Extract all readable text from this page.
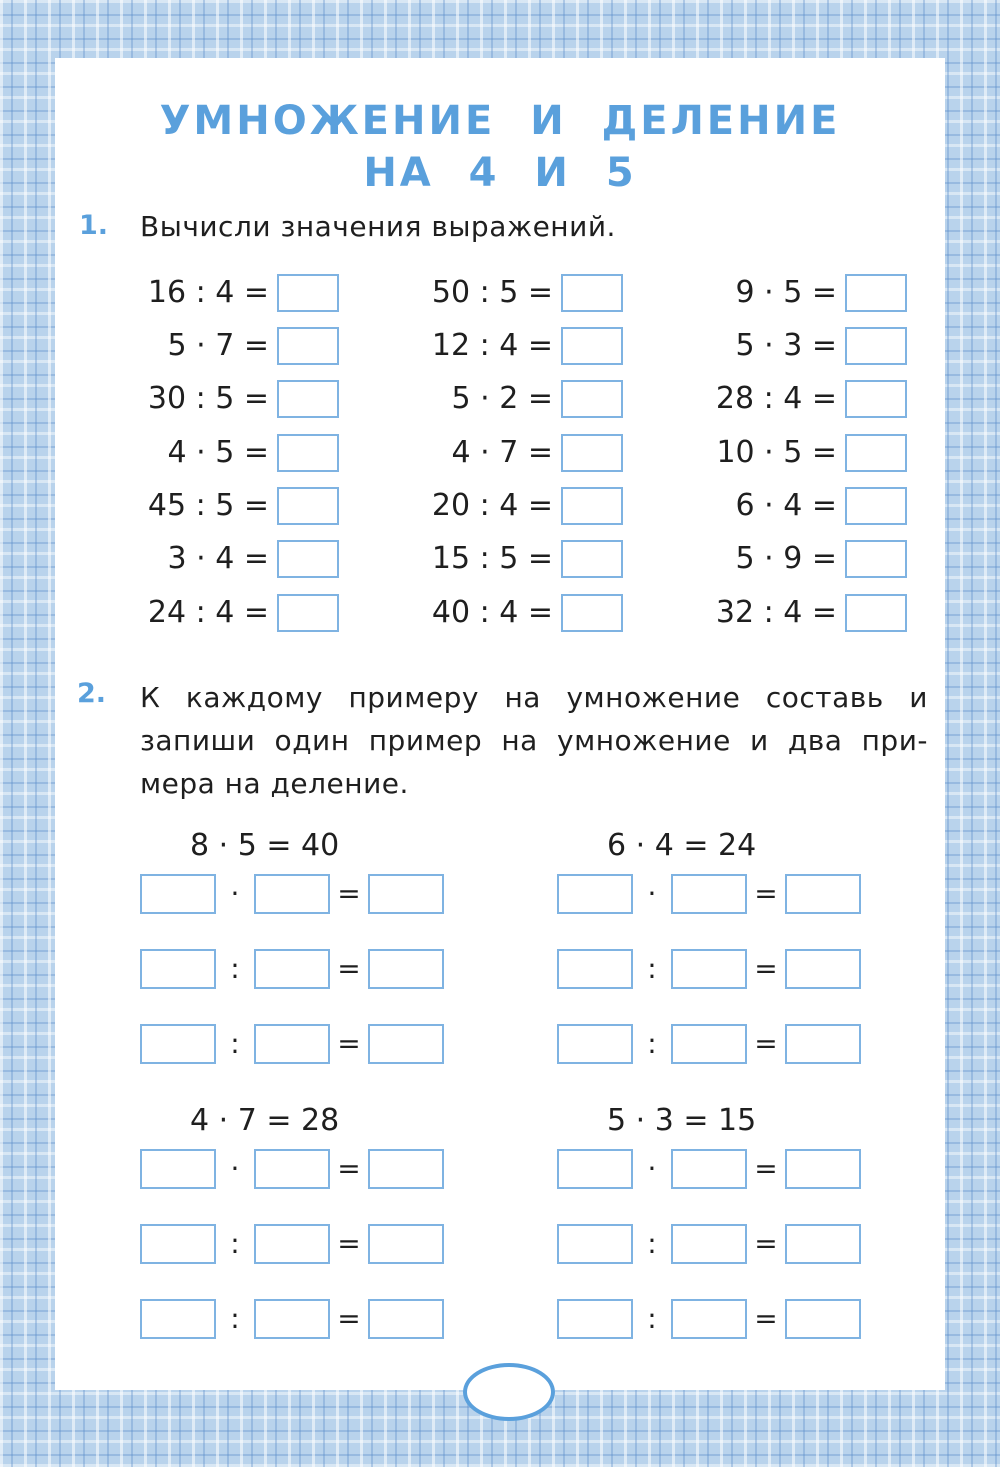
УМНОЖЕНИЕ И ДЕЛЕНИЕ
НА 4 И 5
1. Вычисли значения выражений.
16 : 4 =
5 · 7 =
30 : 5 =
4 · 5 =
45 : 5 =
3 · 4 =
24 : 4 =
50 : 5 =
12 : 4 =
5 · 2 =
4 · 7 =
20 : 4 =
15 : 5 =
40 : 4 =
9 · 5 =
5 · 3 =
28 : 4 =
10 · 5 =
6 · 4 =
5 · 9 =
32 : 4 =
2. К каждому примеру на умножение составь и
запиши один пример на умножение и два при-
мера на деление.
8 · 5 = 40
·	=
:	=
:	=
6 · 4 = 24
·	=
:	=
:	=
4 · 7 = 28
·	=
:	=
:	=
5 · 3 = 15
·	=
:	=
:	=
